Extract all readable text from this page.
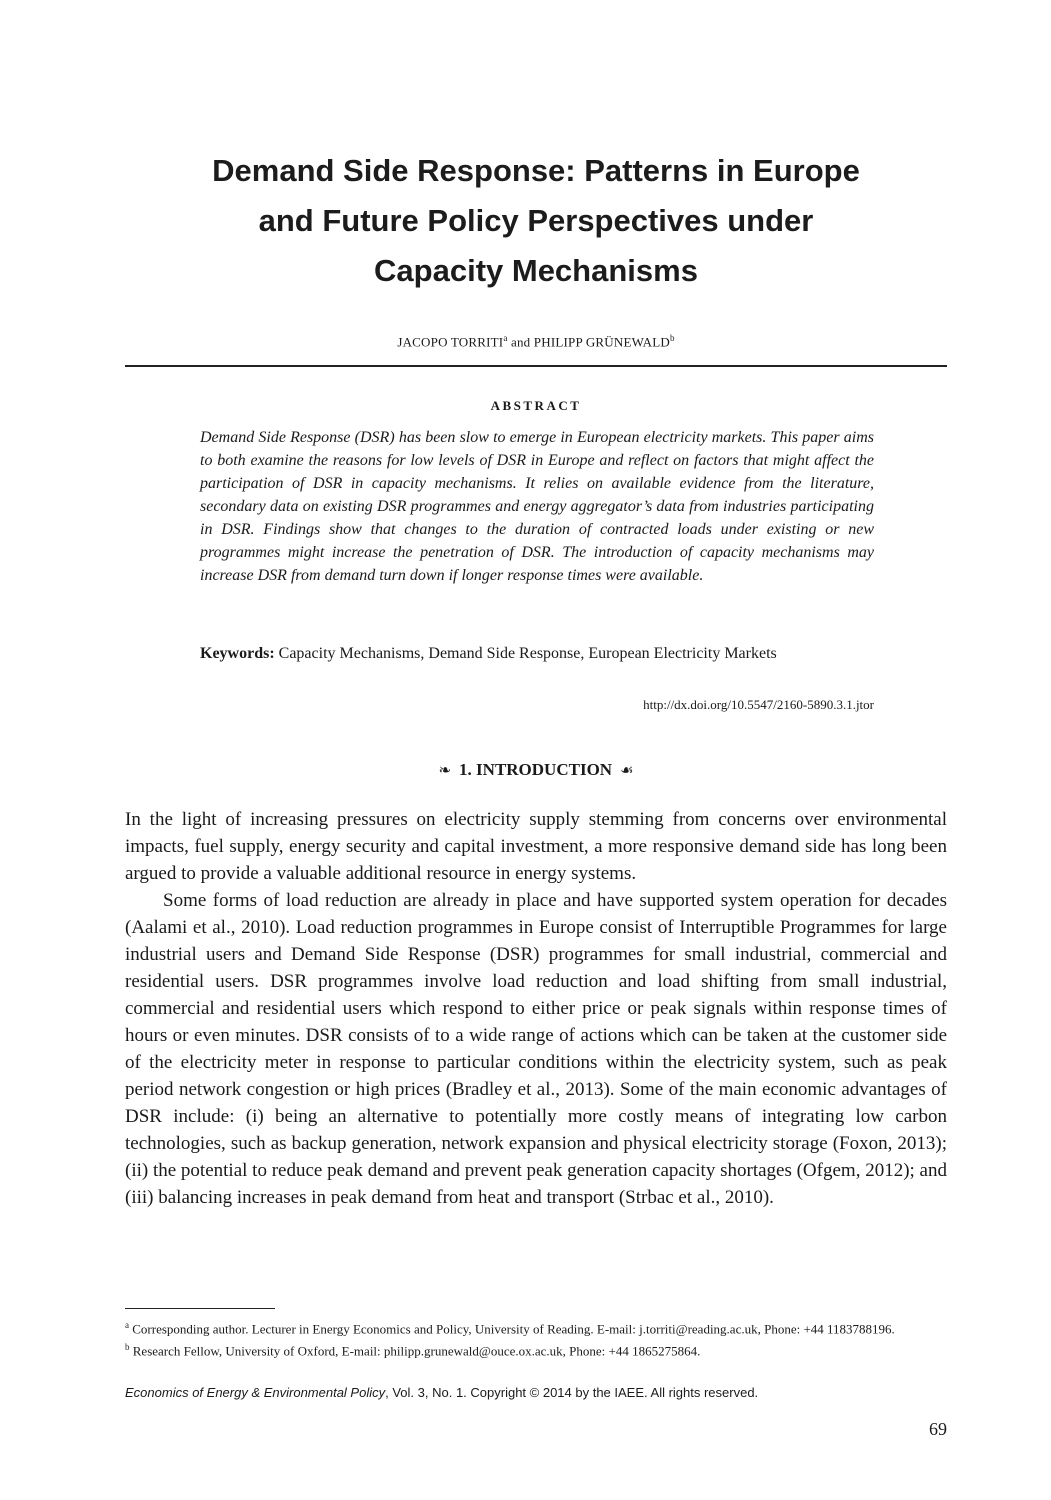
Demand Side Response: Patterns in Europe
and Future Policy Perspectives under
Capacity Mechanisms
JACOPO TORRITI$^a$ and PHILIPP GRÜNEWALD$^b$
ABSTRACT
Demand Side Response (DSR) has been slow to emerge in European electricity markets. This paper aims to both examine the reasons for low levels of DSR in Europe and reflect on factors that might affect the participation of DSR in capacity mechanisms. It relies on available evidence from the literature, secondary data on existing DSR programmes and energy aggregator’s data from industries participating in DSR. Findings show that changes to the duration of contracted loads under existing or new programmes might increase the penetration of DSR. The introduction of capacity mechanisms may increase DSR from demand turn down if longer response times were available.
Keywords: Capacity Mechanisms, Demand Side Response, European Electricity Markets
http://dx.doi.org/10.5547/2160-5890.3.1.jtor
❧ 1. INTRODUCTION ☙

In the light of increasing pressures on electricity supply stemming from concerns over environmental impacts, fuel supply, energy security and capital investment, a more responsive demand side has long been argued to provide a valuable additional resource in energy systems.

Some forms of load reduction are already in place and have supported system operation for decades (Aalami et al., 2010). Load reduction programmes in Europe consist of Interruptible Programmes for large industrial users and Demand Side Response (DSR) programmes for small industrial, commercial and residential users. DSR programmes involve load reduction and load shifting from small industrial, commercial and residential users which respond to either price or peak signals within response times of hours or even minutes. DSR consists of to a wide range of actions which can be taken at the customer side of the electricity meter in response to particular conditions within the electricity system, such as peak period network congestion or high prices (Bradley et al., 2013). Some of the main economic advantages of DSR include: (i) being an alternative to potentially more costly means of integrating low carbon technologies, such as backup generation, network expansion and physical electricity storage (Foxon, 2013); (ii) the potential to reduce peak demand and prevent peak generation capacity shortages (Ofgem, 2012); and (iii) balancing increases in peak demand from heat and transport (Strbac et al., 2010).

$^a$ Corresponding author. Lecturer in Energy Economics and Policy, University of Reading. E-mail: j.torriti@reading.ac.uk, Phone: +44 1183788196.

$^b$ Research Fellow, University of Oxford, E-mail: philipp.grunewald@ouce.ox.ac.uk, Phone: +44 1865275864.

Economics of Energy & Environmental Policy, Vol. 3, No. 1. Copyright © 2014 by the IAEE. All rights reserved.
69
